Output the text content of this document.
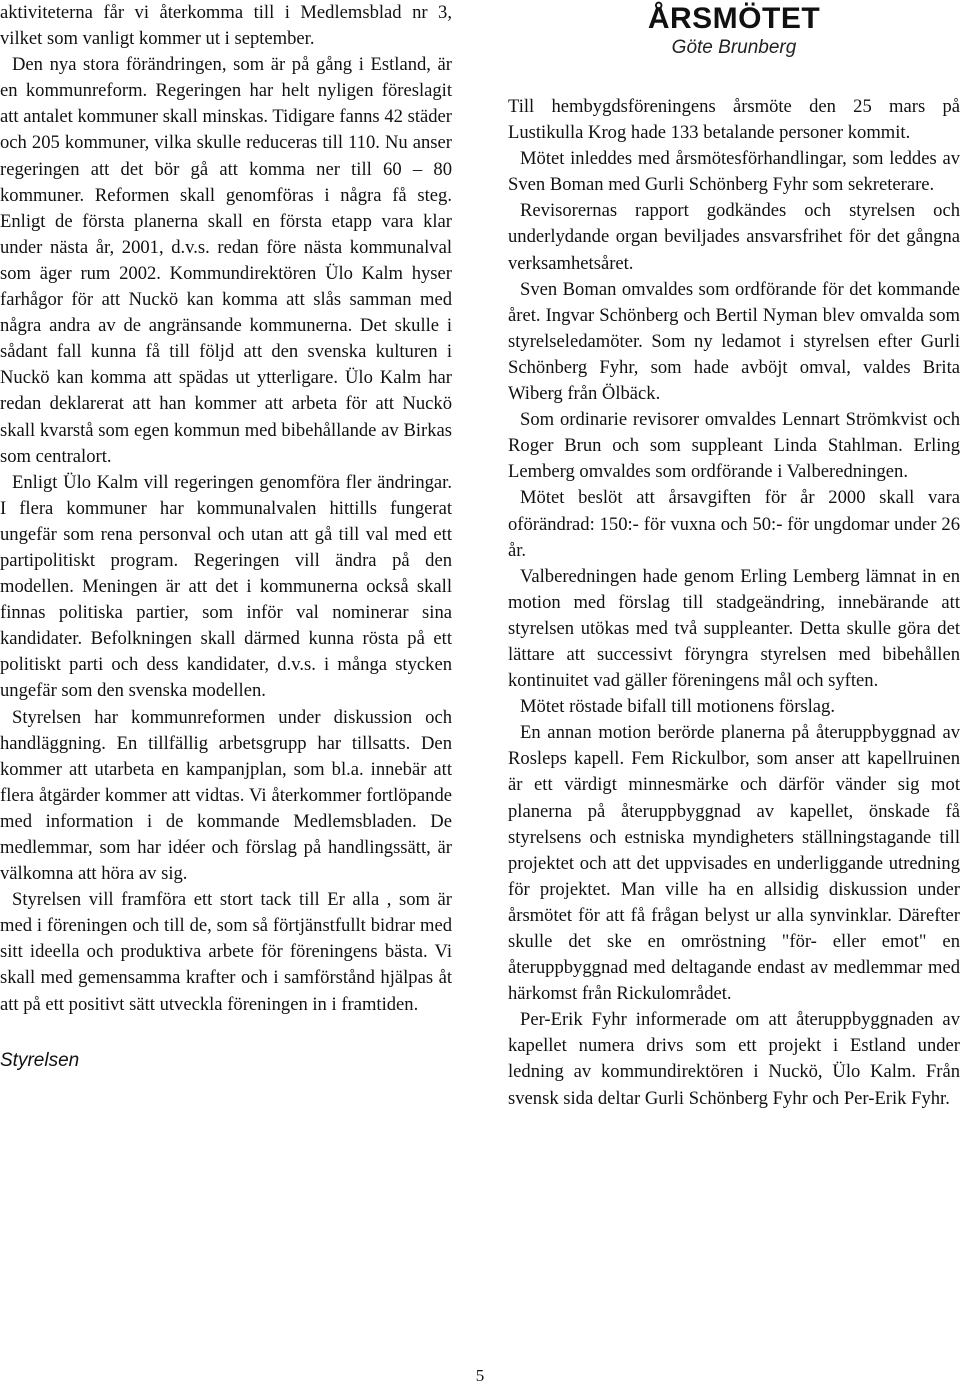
aktiviteterna får vi återkomma till i Medlemsblad nr 3, vilket som vanligt kommer ut i september.

Den nya stora förändringen, som är på gång i Estland, är en kommunreform. Regeringen har helt nyligen föreslagit att antalet kommuner skall minskas. Tidigare fanns 42 städer och 205 kommuner, vilka skulle reduceras till 110. Nu anser regeringen att det bör gå att komma ner till 60 – 80 kommuner. Reformen skall genomföras i några få steg. Enligt de första planerna skall en första etapp vara klar under nästa år, 2001, d.v.s. redan före nästa kommunalval som äger rum 2002. Kommundirektören Ülo Kalm hyser farhågor för att Nuckö kan komma att slås samman med några andra av de angränsande kommunerna. Det skulle i sådant fall kunna få till följd att den svenska kulturen i Nuckö kan komma att spädas ut ytterligare. Ülo Kalm har redan deklarerat att han kommer att arbeta för att Nuckö skall kvarstå som egen kommun med bibehållande av Birkas som centralort.

Enligt Ülo Kalm vill regeringen genomföra fler ändringar. I flera kommuner har kommunalvalen hittills fungerat ungefär som rena personval och utan att gå till val med ett partipolitiskt program. Regeringen vill ändra på den modellen. Meningen är att det i kommunerna också skall finnas politiska partier, som inför val nominerar sina kandidater. Befolkningen skall därmed kunna rösta på ett politiskt parti och dess kandidater, d.v.s. i många stycken ungefär som den svenska modellen.

Styrelsen har kommunreformen under diskussion och handläggning. En tillfällig arbetsgrupp har tillsatts. Den kommer att utarbeta en kampanjplan, som bl.a. innebär att flera åtgärder kommer att vidtas. Vi återkommer fortlöpande med information i de kommande Medlemsbladen. De medlemmar, som har idéer och förslag på handlingssätt, är välkomna att höra av sig.

Styrelsen vill framföra ett stort tack till Er alla , som är med i föreningen och till de, som så förtjänstfullt bidrar med sitt ideella och produktiva arbete för föreningens bästa. Vi skall med gemensamma krafter och i samförstånd hjälpas åt att på ett positivt sätt utveckla föreningen in i framtiden.

Styrelsen
ÅRSMÖTET
Göte Brunberg

Till hembygdsföreningens årsmöte den 25 mars på Lustikulla Krog hade 133 betalande personer kommit.

Mötet inleddes med årsmötesförhandlingar, som leddes av Sven Boman med Gurli Schönberg Fyhr som sekreterare.

Revisorernas rapport godkändes och styrelsen och underlydande organ beviljades ansvarsfrihet för det gångna verksamhetsåret.

Sven Boman omvaldes som ordförande för det kommande året. Ingvar Schönberg och Bertil Nyman blev omvalda som styrelseledamöter. Som ny ledamot i styrelsen efter Gurli Schönberg Fyhr, som hade avböjt omval, valdes Brita Wiberg från Ölbäck.

Som ordinarie revisorer omvaldes Lennart Strömkvist och Roger Brun och som suppleant Linda Stahlman. Erling Lemberg omvaldes som ordförande i Valberedningen.

Mötet beslöt att årsavgiften för år 2000 skall vara oförändrad: 150:- för vuxna och 50:- för ungdomar under 26 år.

Valberedningen hade genom Erling Lemberg lämnat in en motion med förslag till stadgeändring, innebärande att styrelsen utökas med två suppleanter. Detta skulle göra det lättare att successivt föryngra styrelsen med bibehållen kontinuitet vad gäller föreningens mål och syften.

Mötet röstade bifall till motionens förslag.

En annan motion berörde planerna på återuppbyggnad av Rosleps kapell. Fem Rickulbor, som anser att kapellruinen är ett värdigt minnesmärke och därför vänder sig mot planerna på återuppbyggnad av kapellet, önskade få styrelsens och estniska myndigheters ställningstagande till projektet och att det uppvisades en underliggande utredning för projektet. Man ville ha en allsidig diskussion under årsmötet för att få frågan belyst ur alla synvinklar. Därefter skulle det ske en omröstning "för- eller emot" en återuppbyggnad med deltagande endast av medlemmar med härkomst från Rickulområdet.

Per-Erik Fyhr informerade om att återuppbyggnaden av kapellet numera drivs som ett projekt i Estland under ledning av kommundirektören i Nuckö, Ülo Kalm. Från svensk sida deltar Gurli Schönberg Fyhr och Per-Erik Fyhr.

5
